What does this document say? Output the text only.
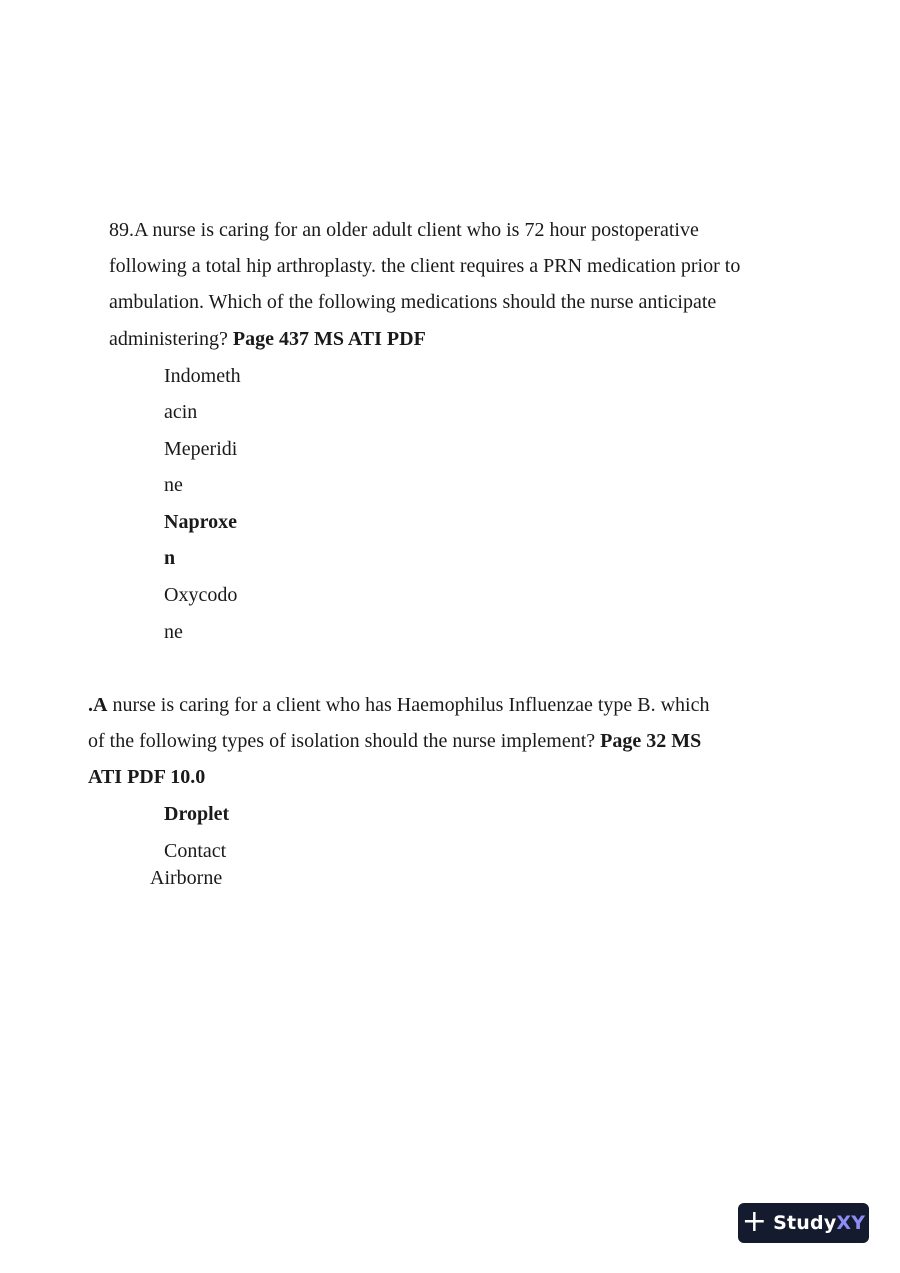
89.A nurse is caring for an older adult client who is 72 hour postoperative
following a total hip arthroplasty. the client requires a PRN medication prior to
ambulation. Which of the following medications should the nurse anticipate
administering? Page 437 MS ATI PDF
Indometh
acin
Meperidi
ne
Naproxe
n
Oxycodo
ne
.A nurse is caring for a client who has Haemophilus Influenzae type B. which
of the following types of isolation should the nurse implement? Page 32 MS
ATI PDF 10.0
Droplet
Contact
Airborne
+ Study XY
